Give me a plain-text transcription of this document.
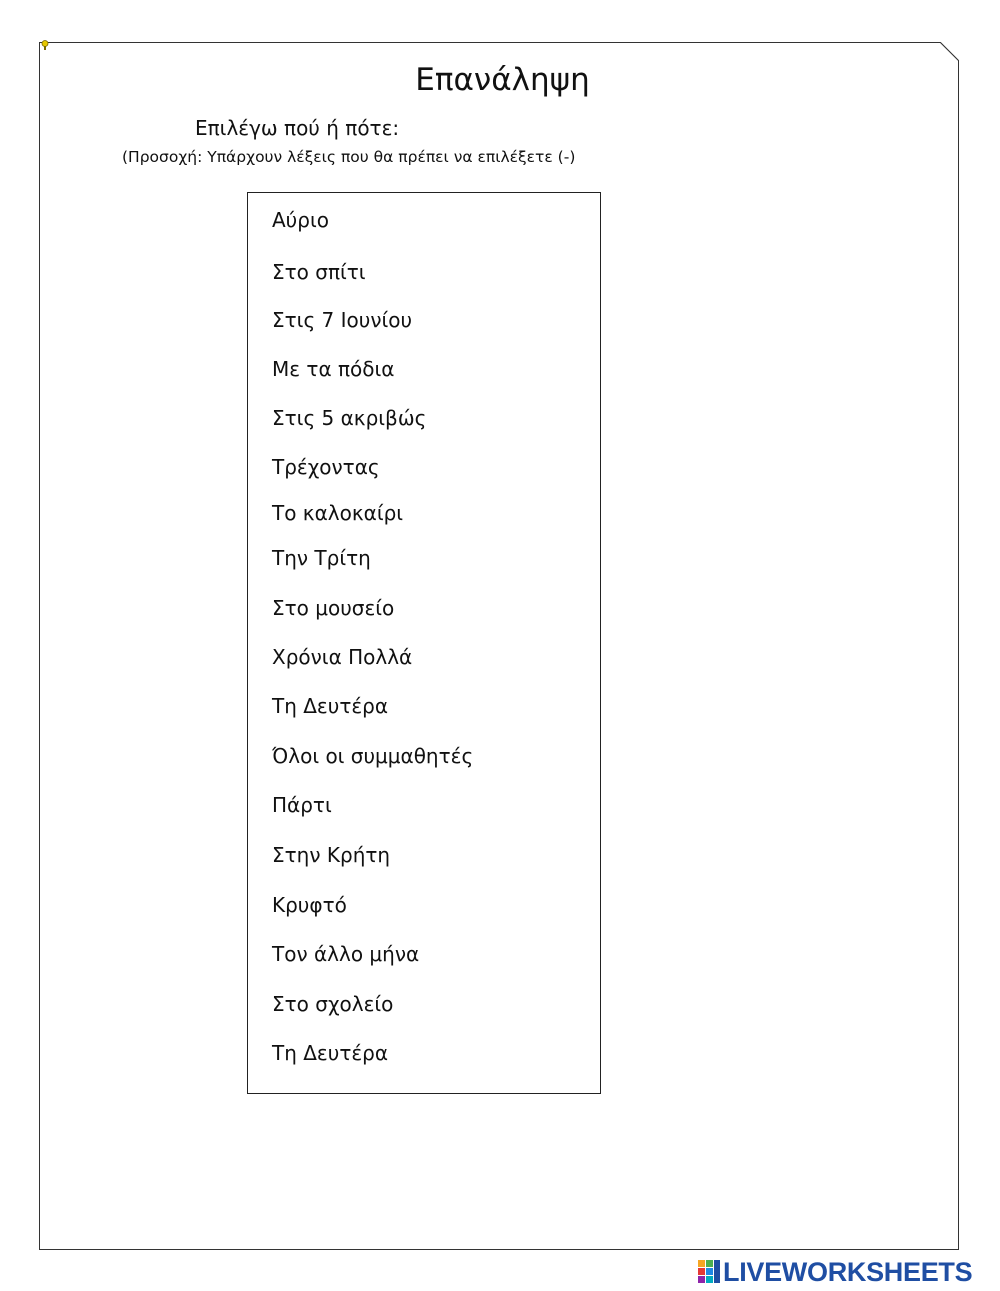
Επανάληψη
Επιλέγω πού ή πότε:
(Προσοχή: Υπάρχουν λέξεις που θα πρέπει να επιλέξετε (-)
Αύριο
Στο σπίτι
Στις 7 Ιουνίου
Με τα πόδια
Στις 5 ακριβώς
Τρέχοντας
Το καλοκαίρι
Την Τρίτη
Στο μουσείο
Χρόνια Πολλά
Τη Δευτέρα
Όλοι οι συμμαθητές
Πάρτι
Στην Κρήτη
Κρυφτό
Τον άλλο μήνα
Στο σχολείο
Τη Δευτέρα
LIVEWORKSHEETS
